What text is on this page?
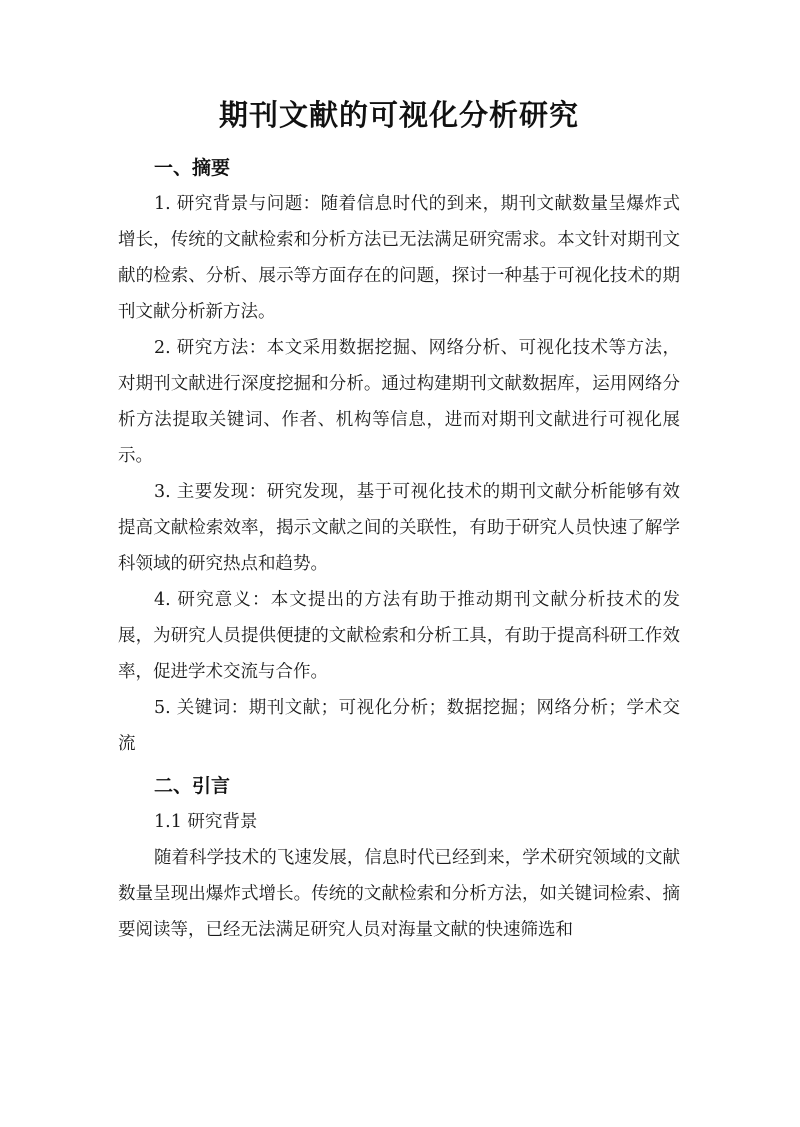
期刊文献的可视化分析研究
一、摘要

1. 研究背景与问题：随着信息时代的到来，期刊文献数量呈爆炸式增长，传统的文献检索和分析方法已无法满足研究需求。本文针对期刊文献的检索、分析、展示等方面存在的问题，探讨一种基于可视化技术的期刊文献分析新方法。

2. 研究方法：本文采用数据挖掘、网络分析、可视化技术等方法，对期刊文献进行深度挖掘和分析。通过构建期刊文献数据库，运用网络分析方法提取关键词、作者、机构等信息，进而对期刊文献进行可视化展示。

3. 主要发现：研究发现，基于可视化技术的期刊文献分析能够有效提高文献检索效率，揭示文献之间的关联性，有助于研究人员快速了解学科领域的研究热点和趋势。

4. 研究意义：本文提出的方法有助于推动期刊文献分析技术的发展，为研究人员提供便捷的文献检索和分析工具，有助于提高科研工作效率，促进学术交流与合作。

5. 关键词：期刊文献；可视化分析；数据挖掘；网络分析；学术交流

二、引言

1.1 研究背景

随着科学技术的飞速发展，信息时代已经到来，学术研究领域的文献数量呈现出爆炸式增长。传统的文献检索和分析方法，如关键词检索、摘要阅读等，已经无法满足研究人员对海量文献的快速筛选和
